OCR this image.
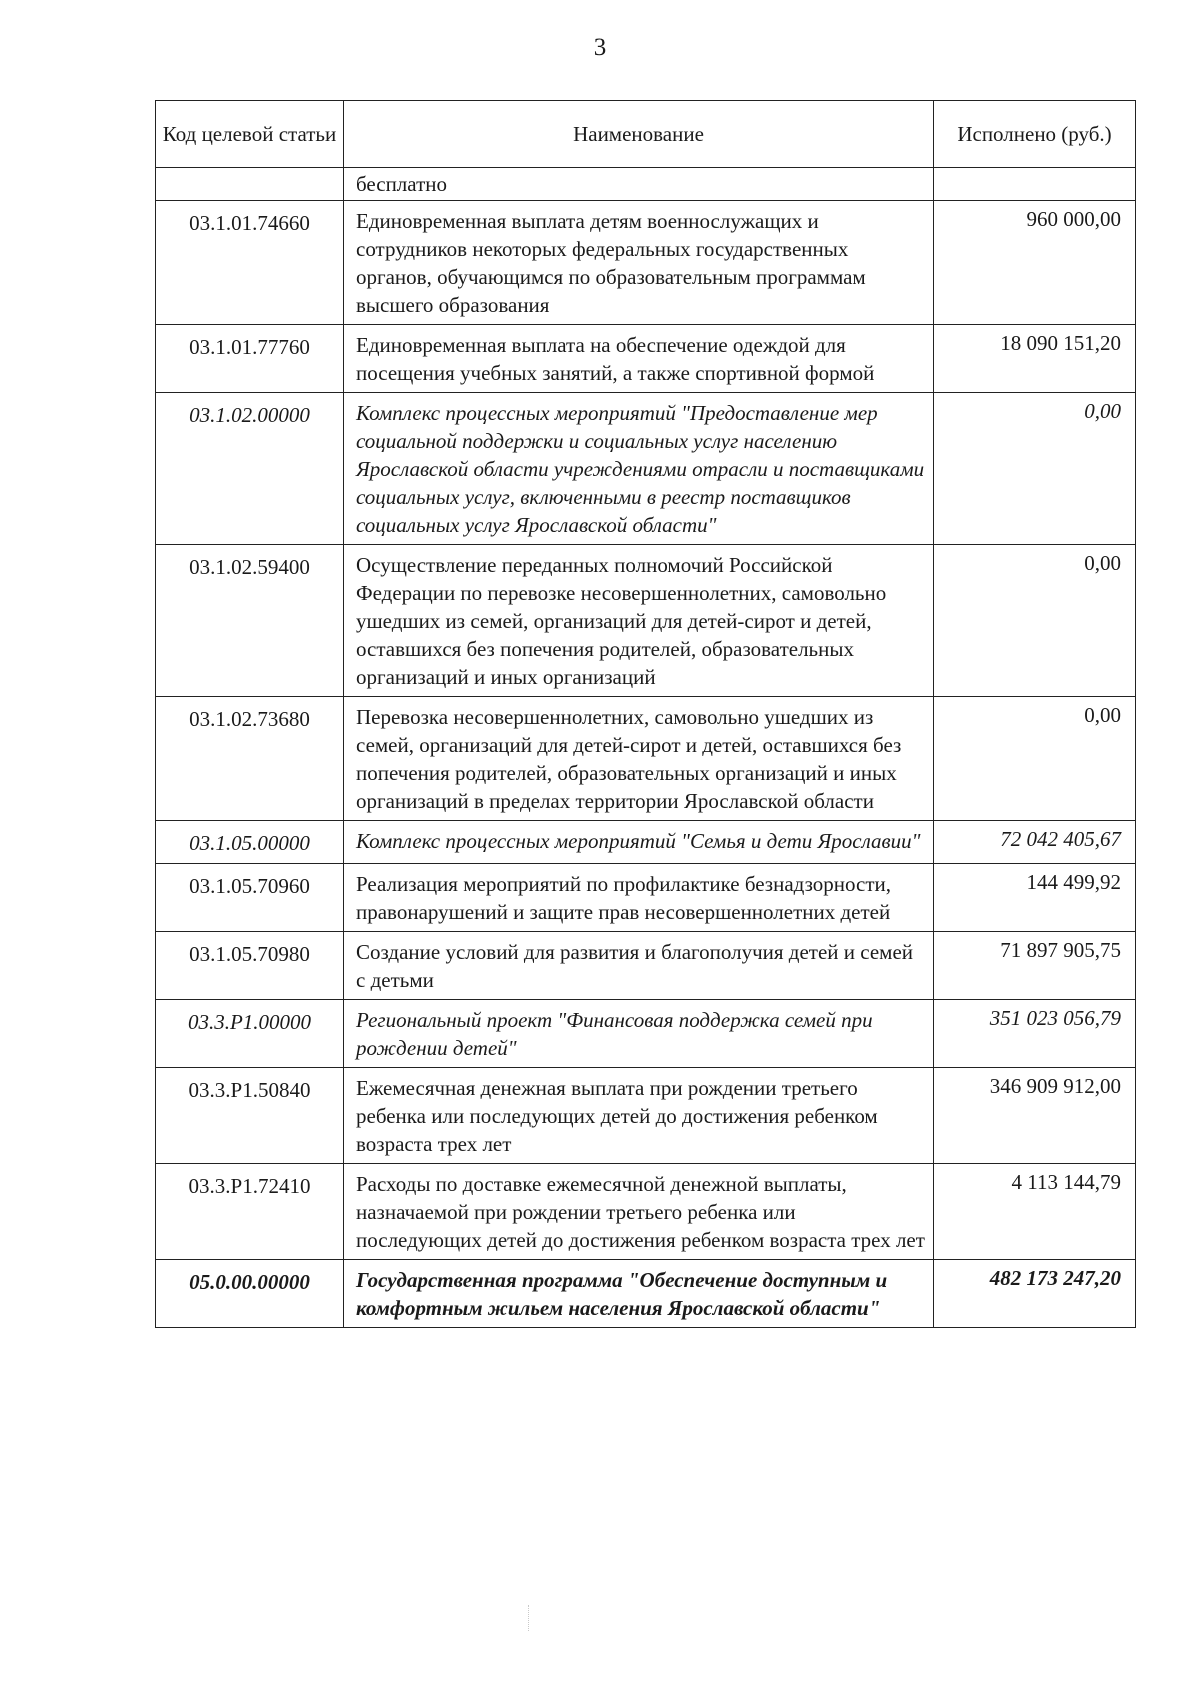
3
Код целевой статьи	Наименование	Исполнено (руб.)
	бесплатно	
03.1.01.74660	Единовременная выплата детям военнослужащих и сотрудников некоторых федеральных государственных органов, обучающимся по образовательным программам высшего образования	960 000,00
03.1.01.77760	Единовременная выплата на обеспечение одеждой для посещения учебных занятий, а также спортивной формой	18 090 151,20
03.1.02.00000	Комплекс процессных мероприятий "Предоставление мер социальной поддержки и социальных услуг населению Ярославской области учреждениями отрасли и поставщиками социальных услуг, включенными в реестр поставщиков социальных услуг Ярославской области"	0,00
03.1.02.59400	Осуществление переданных полномочий Российской Федерации по перевозке несовершеннолетних, самовольно ушедших из семей, организаций для детей-сирот и детей, оставшихся без попечения родителей, образовательных организаций и иных организаций	0,00
03.1.02.73680	Перевозка несовершеннолетних, самовольно ушедших из семей, организаций для детей-сирот и детей, оставшихся без попечения родителей, образовательных организаций и иных организаций в пределах территории Ярославской области	0,00
03.1.05.00000	Комплекс процессных мероприятий "Семья и дети Ярославии"	72 042 405,67
03.1.05.70960	Реализация мероприятий по профилактике безнадзорности, правонарушений и защите прав несовершеннолетних детей	144 499,92
03.1.05.70980	Создание условий для развития и благополучия детей и семей с детьми	71 897 905,75
03.3.P1.00000	Региональный проект "Финансовая поддержка семей при рождении детей"	351 023 056,79
03.3.P1.50840	Ежемесячная денежная выплата при рождении третьего ребенка или последующих детей до достижения ребенком возраста трех лет	346 909 912,00
03.3.P1.72410	Расходы по доставке ежемесячной денежной выплаты, назначаемой при рождении третьего ребенка или последующих детей до достижения ребенком возраста трех лет	4 113 144,79
05.0.00.00000	Государственная программа "Обеспечение доступным и комфортным жильем населения Ярославской области"	482 173 247,20
